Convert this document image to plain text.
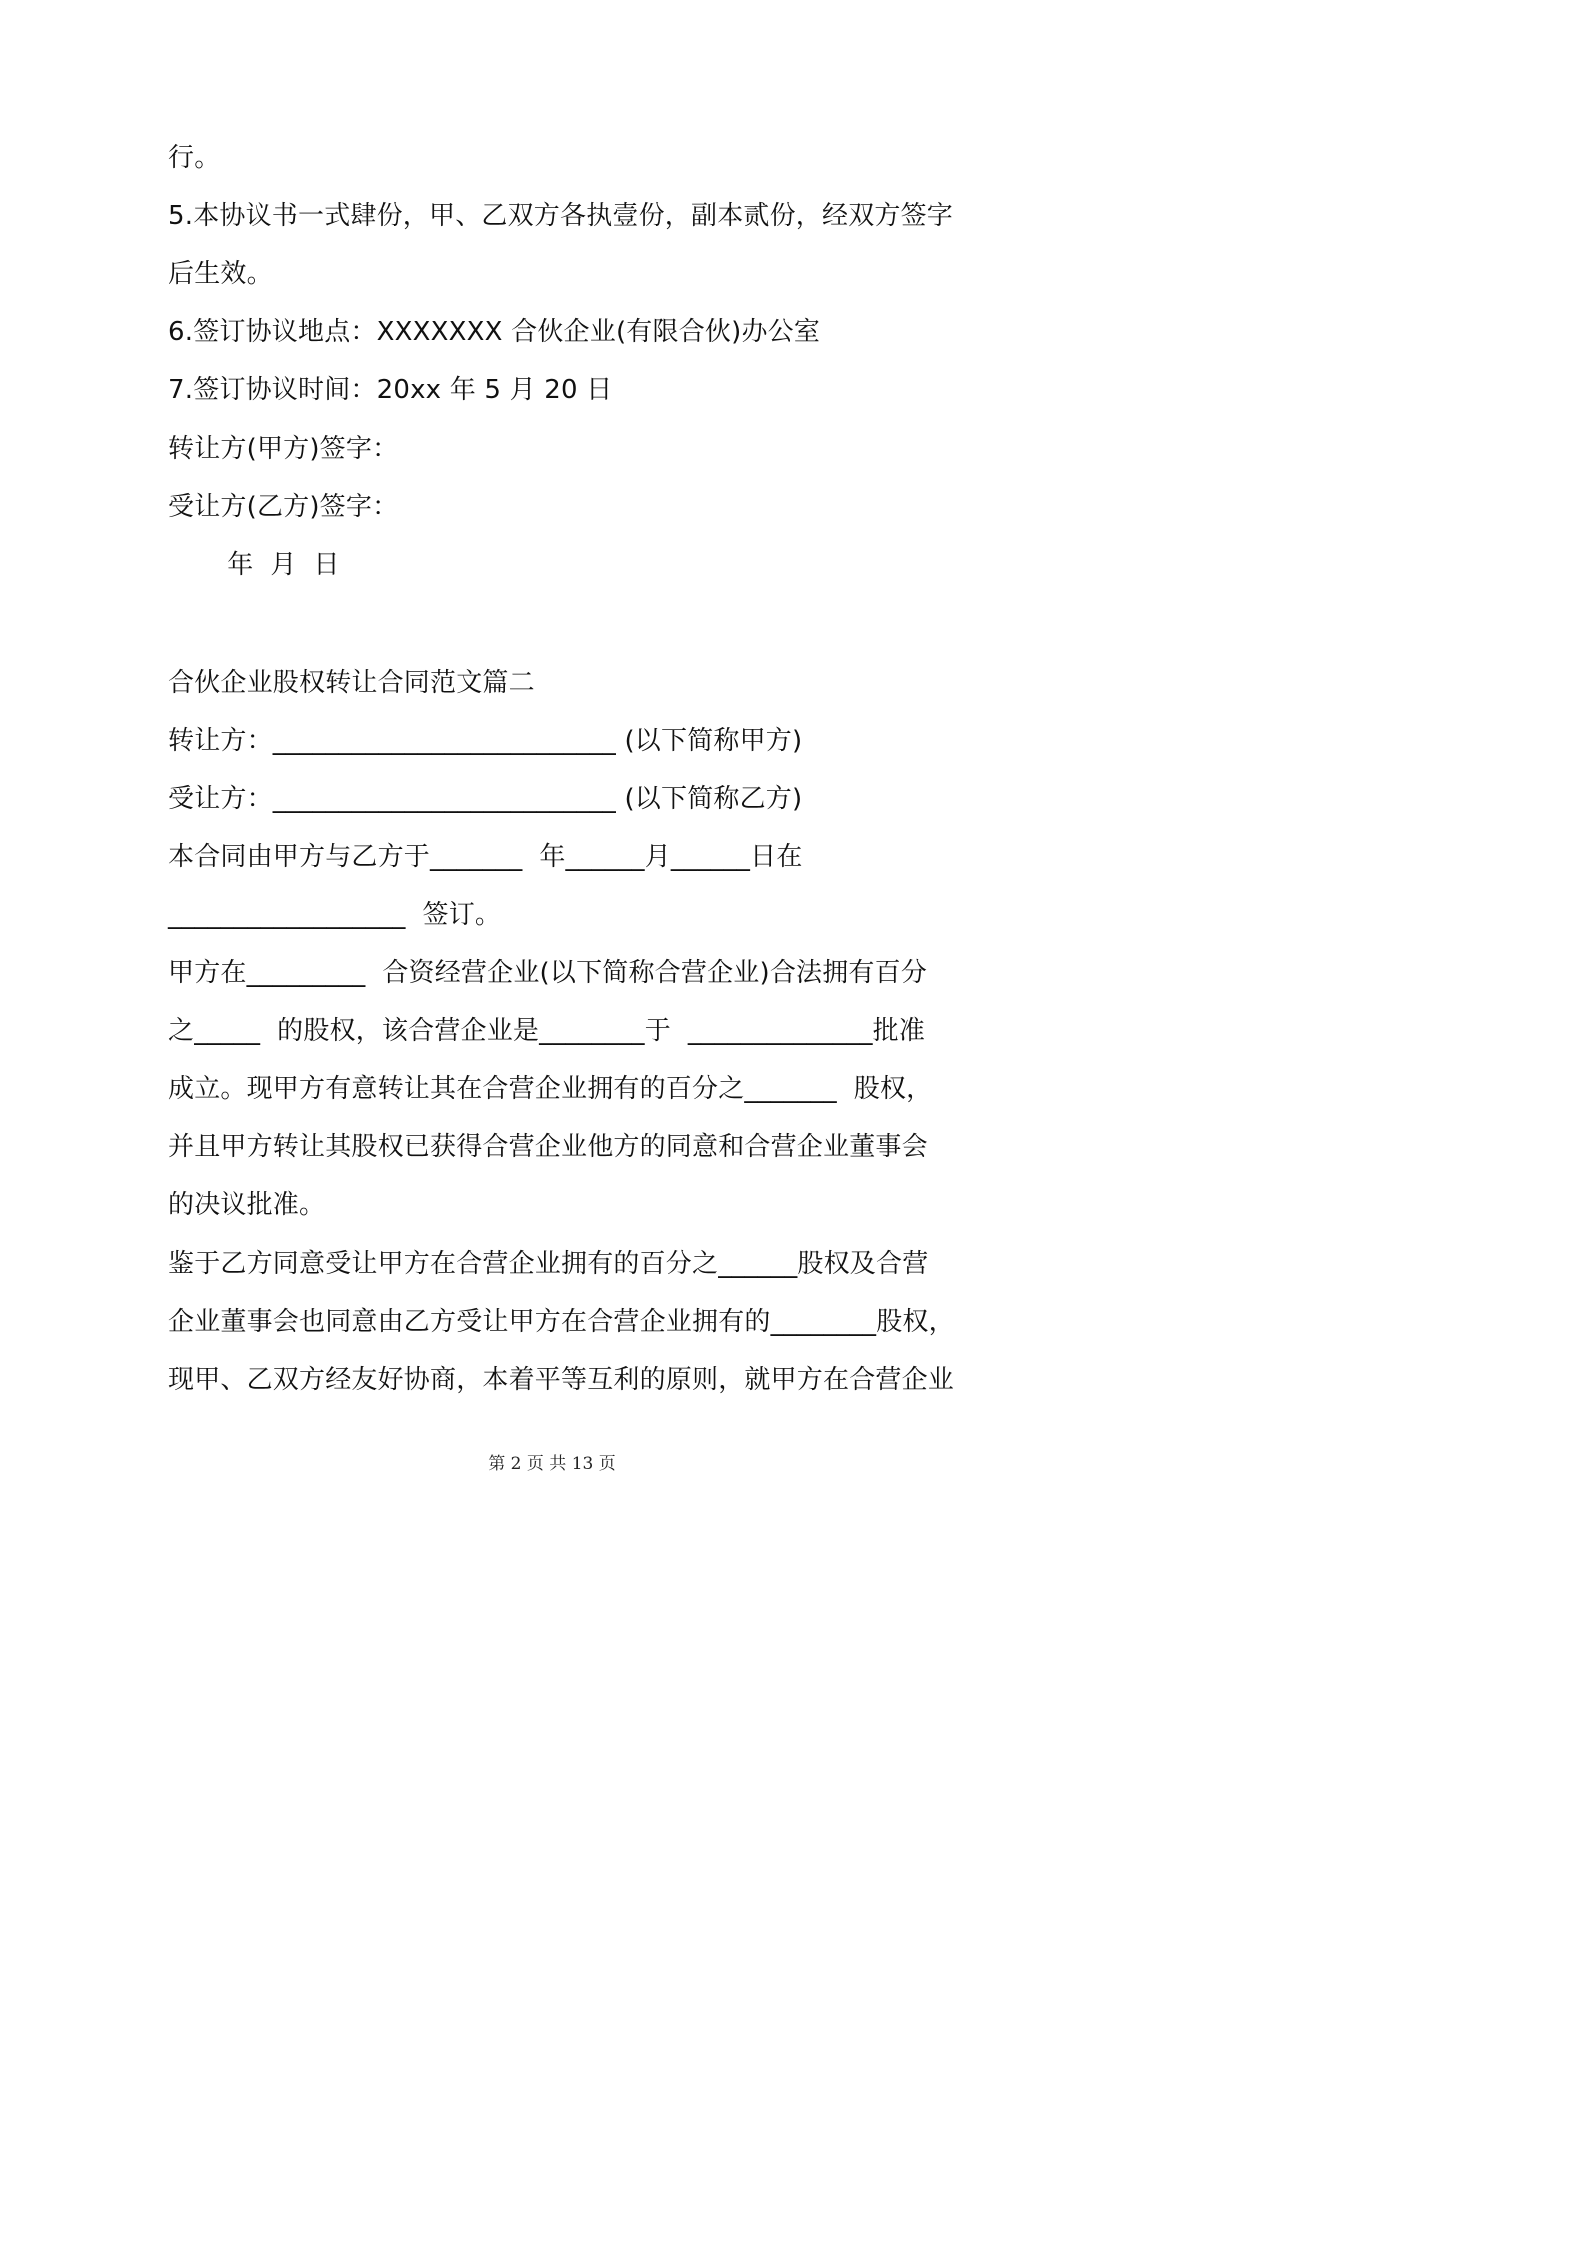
行。
5.本协议书一式肆份，甲、乙双方各执壹份，副本贰份，经双方签字
后生效。
6.签订协议地点：XXXXXXX 合伙企业(有限合伙)办公室
7.签订协议时间：20xx 年 5 月 20 日
转让方(甲方)签字：
受让方(乙方)签字：
年  月  日
合伙企业股权转让合同范文篇二
转让方：__________________________ (以下简称甲方)
受让方：__________________________ (以下简称乙方)
本合同由甲方与乙方于_______  年______月______日在
__________________  签订。
甲方在_________  合资经营企业(以下简称合营企业)合法拥有百分
之_____  的股权，该合营企业是________于  ______________批准
成立。现甲方有意转让其在合营企业拥有的百分之_______  股权，
并且甲方转让其股权已获得合营企业他方的同意和合营企业董事会
的决议批准。
鉴于乙方同意受让甲方在合营企业拥有的百分之______股权及合营
企业董事会也同意由乙方受让甲方在合营企业拥有的________股权，
现甲、乙双方经友好协商，本着平等互利的原则，就甲方在合营企业
第 2 页 共 13 页
